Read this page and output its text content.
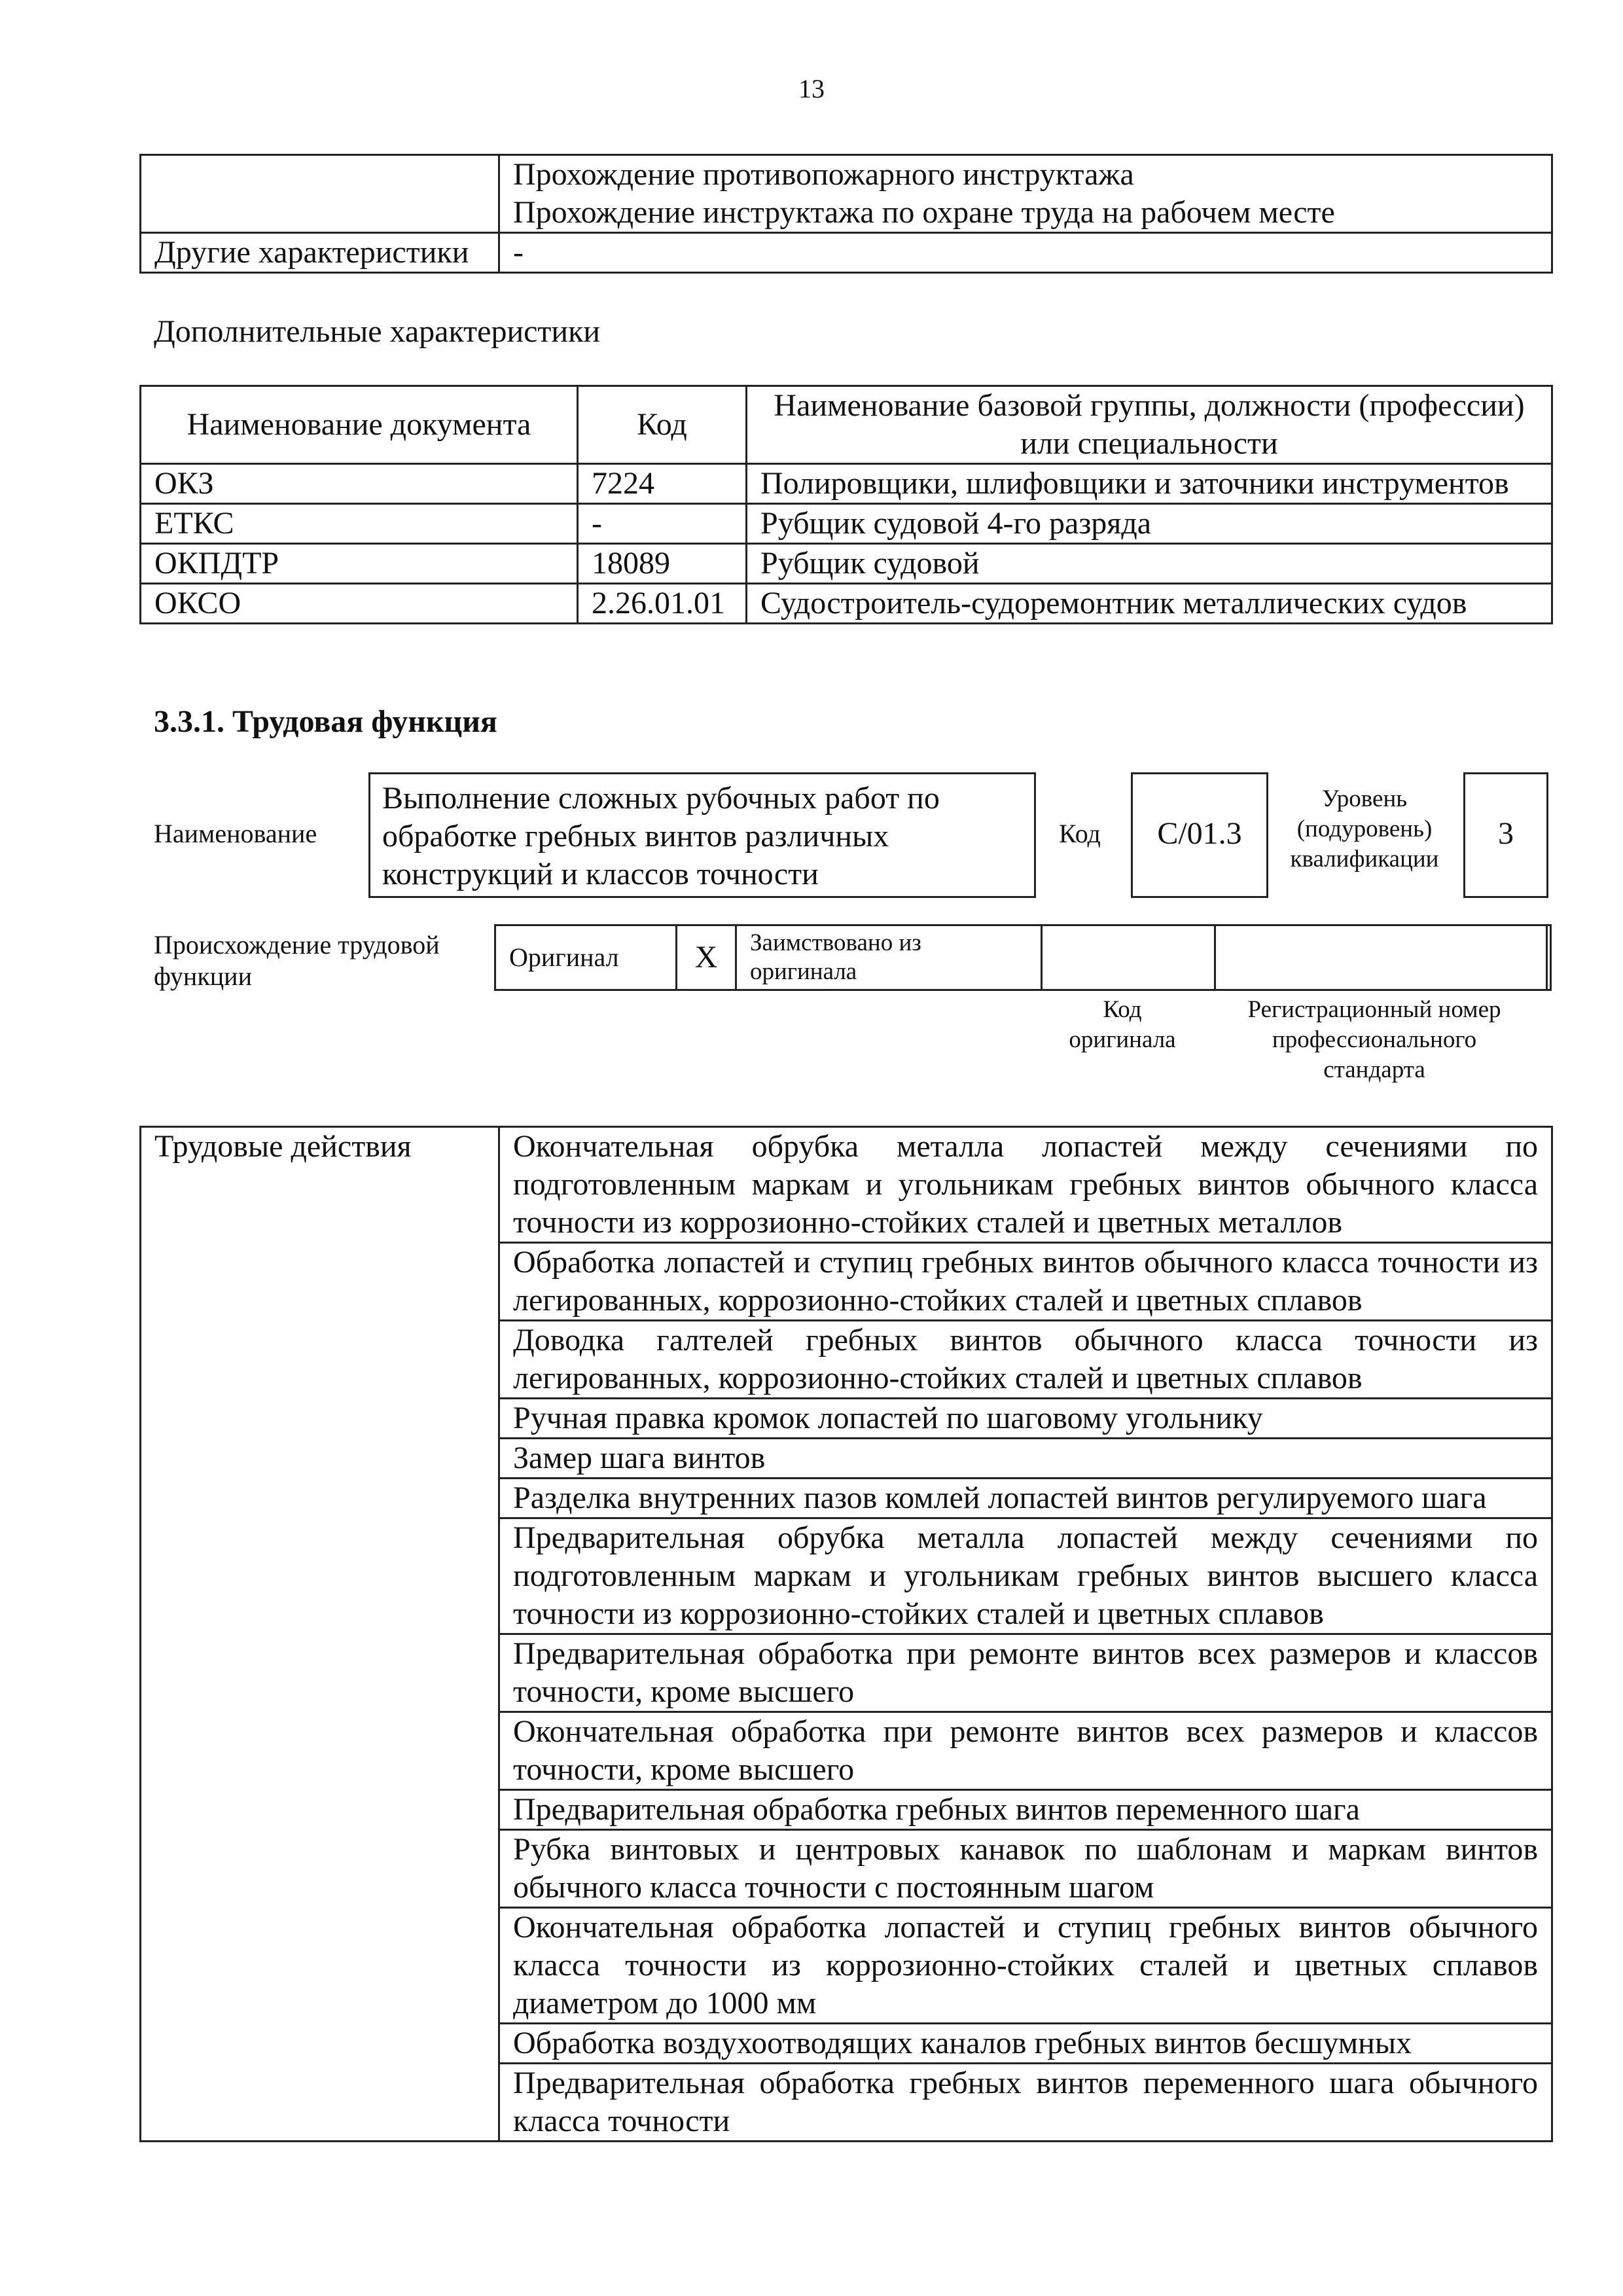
13

	Прохождение противопожарного инструктажа
Прохождение инструктажа по охране труда на рабочем месте

Другие характеристики	-
Дополнительные характеристики
Наименование документа	Код	Наименование базовой группы, должности (профессии) или специальности
ОКЗ	7224	Полировщики, шлифовщики и заточники инструментов
ЕТКС	-	Рубщик судовой 4-го разряда
ОКПДТР	18089	Рубщик судовой
ОКСО	2.26.01.01	Судостроитель-судоремонтник металлических судов
3.3.1. Трудовая функция
Наименование
Выполнение сложных рубочных работ по обработке гребных винтов различных конструкций и классов точности
Код	C/01.3
Уровень (подуровень) квалификации
3
Происхождение трудовой функции
Оригинал	X	Заимствовано из оригинала
Код оригинала
Регистрационный номер профессионального стандарта
Трудовые действия	Окончательная обрубка металла лопастей между сечениями по подготовленным маркам и угольникам гребных винтов обычного класса точности из коррозионно-стойких сталей и цветных металлов
Обработка лопастей и ступиц гребных винтов обычного класса точности из легированных, коррозионно-стойких сталей и цветных сплавов
Доводка галтелей гребных винтов обычного класса точности из легированных, коррозионно-стойких сталей и цветных сплавов
Ручная правка кромок лопастей по шаговому угольнику
Замер шага винтов
Разделка внутренних пазов комлей лопастей винтов регулируемого шага
Предварительная обрубка металла лопастей между сечениями по подготовленным маркам и угольникам гребных винтов высшего класса точности из коррозионно-стойких сталей и цветных сплавов
Предварительная обработка при ремонте винтов всех размеров и классов точности, кроме высшего
Окончательная обработка при ремонте винтов всех размеров и классов точности, кроме высшего
Предварительная обработка гребных винтов переменного шага
Рубка винтовых и центровых канавок по шаблонам и маркам винтов обычного класса точности с постоянным шагом
Окончательная обработка лопастей и ступиц гребных винтов обычного класса точности из коррозионно-стойких сталей и цветных сплавов диаметром до 1000 мм
Обработка воздухоотводящих каналов гребных винтов бесшумных
Предварительная обработка гребных винтов переменного шага обычного класса точности
